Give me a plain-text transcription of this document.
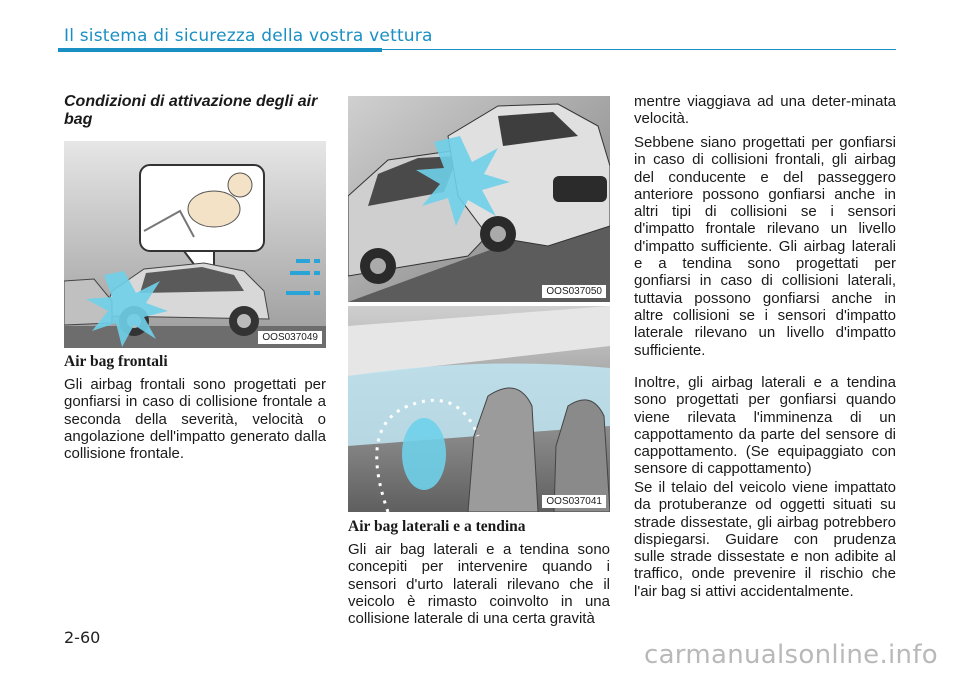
Il sistema di sicurezza della vostra vettura
Condizioni di attivazione degli air bag
OOS037049
Air bag frontali

Gli airbag frontali sono progettati per gonfiarsi in caso di collisione frontale a seconda della severità, velocità o angolazione dell'impatto generato dalla collisione frontale.

OOS037050
OOS037041
Air bag laterali e a tendina

Gli air bag laterali e a tendina sono concepiti per intervenire quando i sensori d'urto laterali rilevano che il veicolo è rimasto coinvolto in una collisione laterale di una certa gravità

mentre viaggiava ad una deter-minata velocità.

Sebbene siano progettati per gonfiarsi in caso di collisioni frontali, gli airbag del conducente e del passeggero anteriore possono gonfiarsi anche in altri tipi di collisioni se i sensori d'impatto frontale rilevano un livello d'impatto sufficiente. Gli airbag laterali e a tendina sono progettati per gonfiarsi in caso di collisioni laterali, tuttavia possono gonfiarsi anche in altre collisioni se i sensori d'impatto laterale rilevano un livello d'impatto sufficiente.

Inoltre, gli airbag laterali e a tendina sono progettati per gonfiarsi quando viene rilevata l'imminenza di un cappottamento da parte del sensore di cappottamento. (Se equipaggiato con sensore di cappottamento)

Se il telaio del veicolo viene impattato da protuberanze od oggetti situati su strade dissestate, gli airbag potrebbero dispiegarsi. Guidare con prudenza sulle strade dissestate e non adibite al traffico, onde prevenire il rischio che l'air bag si attivi accidentalmente.

2-60
carmanualsonline.info
